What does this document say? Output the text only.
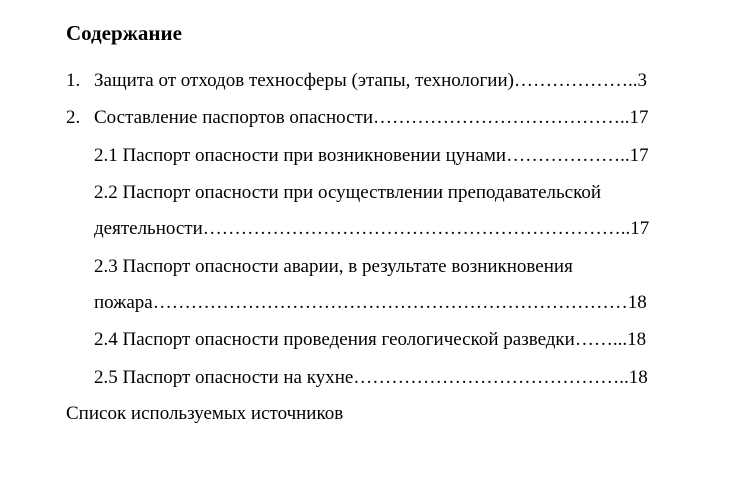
Содержание
1. Защита от отходов техносферы (этапы, технологии)………………..3
2. Составление паспортов опасности…………………………………..17
2.1 Паспорт опасности при возникновении цунами………………..17
2.2 Паспорт опасности при осуществлении преподавательской
деятельности…………………………………………………………..17
2.3 Паспорт опасности аварии, в результате возникновения
пожара…………………………………………………………………18
2.4 Паспорт опасности проведения геологической разведки……...18
2.5 Паспорт опасности на кухне……………………………………..18
Список используемых источников
